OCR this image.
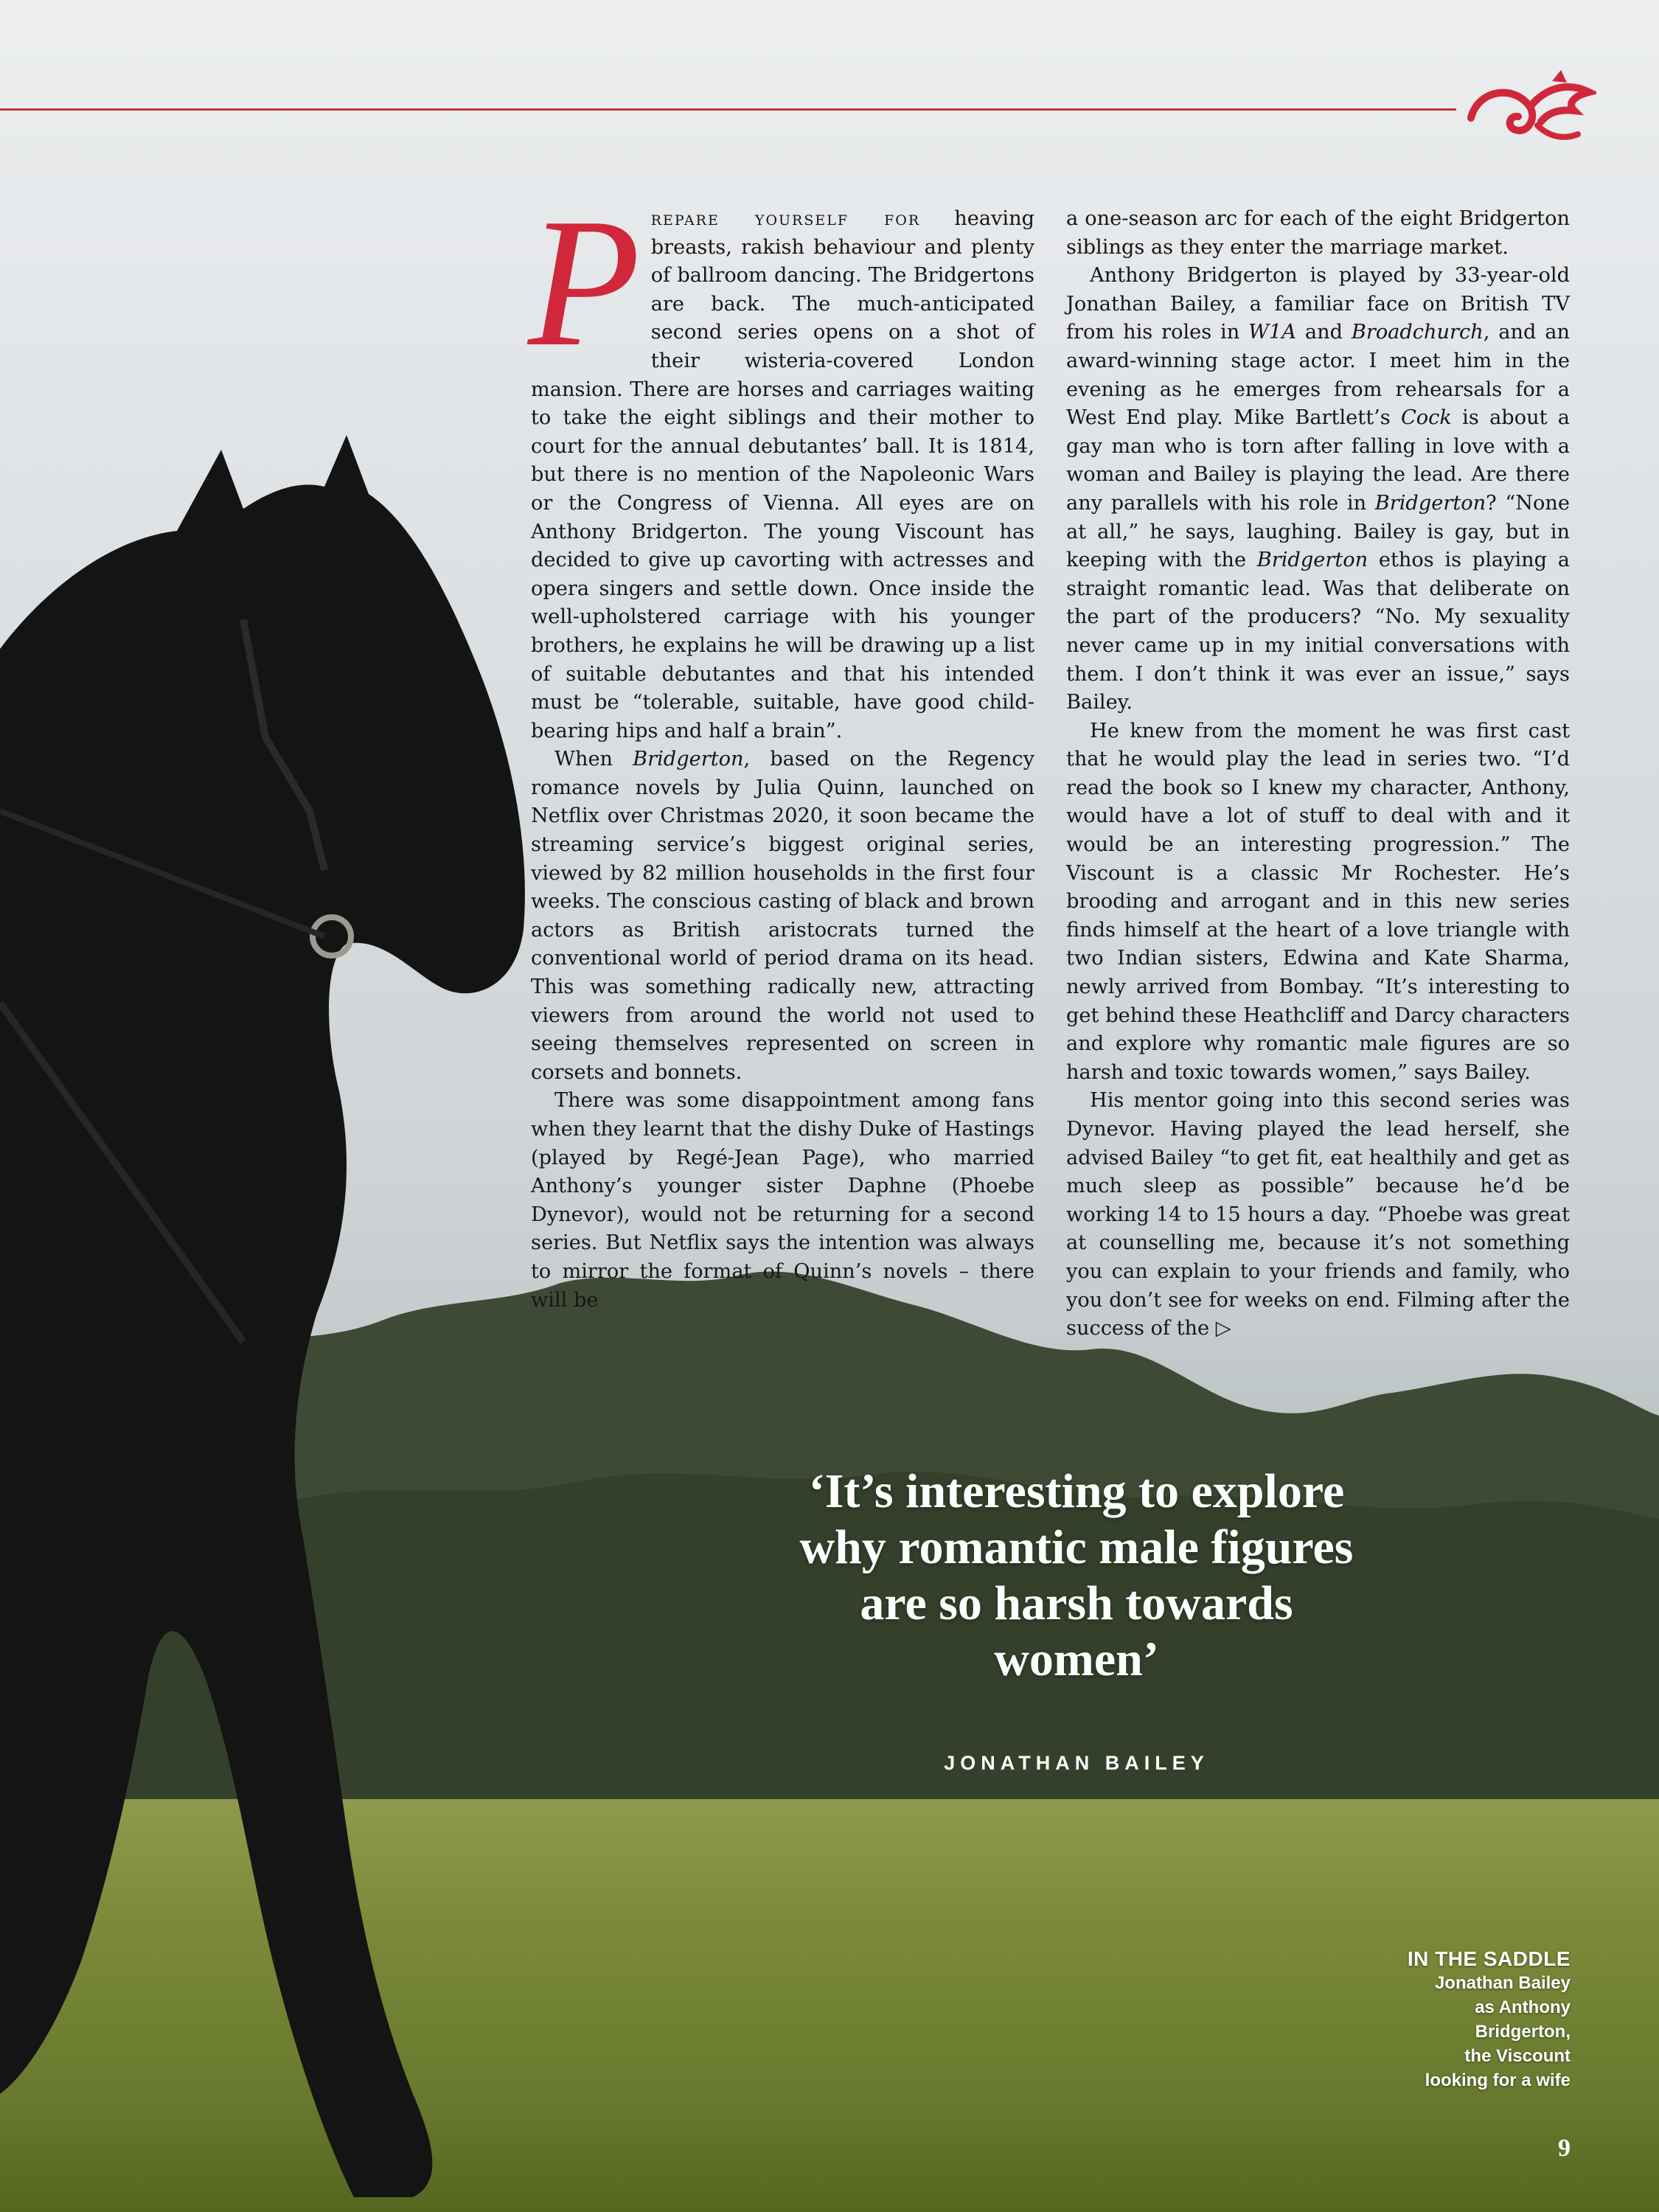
Prepare yourself for heaving breasts, rakish behaviour and plenty of ballroom dancing. The Bridgertons are back. The much-anticipated second series opens on a shot of their wisteria-covered London mansion. There are horses and carriages waiting to take the eight siblings and their mother to court for the annual debutantes’ ball. It is 1814, but there is no mention of the Napoleonic Wars or the Congress of Vienna. All eyes are on Anthony Bridgerton. The young Viscount has decided to give up cavorting with actresses and opera singers and settle down. Once inside the well-upholstered carriage with his younger brothers, he explains he will be drawing up a list of suitable debutantes and that his intended must be “tolerable, suitable, have good child-bearing hips and half a brain”.

When Bridgerton, based on the Regency romance novels by Julia Quinn, launched on Netflix over Christmas 2020, it soon became the streaming service’s biggest original series, viewed by 82 million households in the first four weeks. The conscious casting of black and brown actors as British aristocrats turned the conventional world of period drama on its head. This was something radically new, attracting viewers from around the world not used to seeing themselves represented on screen in corsets and bonnets.

There was some disappointment among fans when they learnt that the dishy Duke of Hastings (played by Regé-Jean Page), who married Anthony’s younger sister Daphne (Phoebe Dynevor), would not be returning for a second series. But Netflix says the intention was always to mirror the format of Quinn’s novels – there will be

a one-season arc for each of the eight Bridgerton siblings as they enter the marriage market.

Anthony Bridgerton is played by 33-year-old Jonathan Bailey, a familiar face on British TV from his roles in W1A and Broadchurch, and an award-winning stage actor. I meet him in the evening as he emerges from rehearsals for a West End play. Mike Bartlett’s Cock is about a gay man who is torn after falling in love with a woman and Bailey is playing the lead. Are there any parallels with his role in Bridgerton? “None at all,” he says, laughing. Bailey is gay, but in keeping with the Bridgerton ethos is playing a straight romantic lead. Was that deliberate on the part of the producers? “No. My sexuality never came up in my initial conversations with them. I don’t think it was ever an issue,” says Bailey.

He knew from the moment he was first cast that he would play the lead in series two. “I’d read the book so I knew my character, Anthony, would have a lot of stuff to deal with and it would be an interesting progression.” The Viscount is a classic Mr Rochester. He’s brooding and arrogant and in this new series finds himself at the heart of a love triangle with two Indian sisters, Edwina and Kate Sharma, newly arrived from Bombay. “It’s interesting to get behind these Heathcliff and Darcy characters and explore why romantic male figures are so harsh and toxic towards women,” says Bailey.

His mentor going into this second series was Dynevor. Having played the lead herself, she advised Bailey “to get fit, eat healthily and get as much sleep as possible” because he’d be working 14 to 15 hours a day. “Phoebe was great at counselling me, because it’s not something you can explain to your friends and family, who you don’t see for weeks on end. Filming after the success of the ▷

‘It’s interesting to explore why romantic male figures are so harsh towards women’
JONATHAN BAILEY
IN THE SADDLE
Jonathan Bailey
as Anthony
Bridgerton,
the Viscount
looking for a wife
9
